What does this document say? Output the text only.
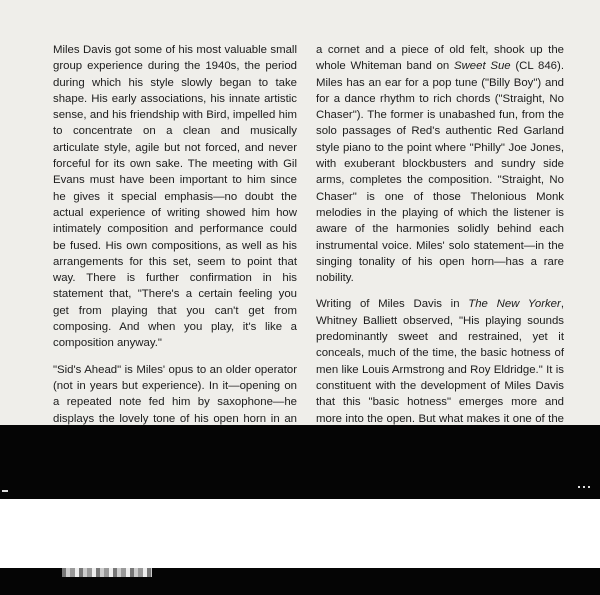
Miles Davis got some of his most valuable small group experience during the 1940s, the period during which his style slowly began to take shape. His early associations, his innate artistic sense, and his friendship with Bird, impelled him to concentrate on a clean and musically articulate style, agile but not forced, and never forceful for its own sake. The meeting with Gil Evans must have been important to him since he gives it special emphasis—no doubt the actual experience of writing showed him how intimately composition and performance could be fused. His own compositions, as well as his arrangements for this set, seem to point that way. There is further confirmation in his statement that, "There's a certain feeling you get from playing that you can't get from composing. And when you play, it's like a composition anyway."

"Sid's Ahead" is Miles' opus to an older operator (not in years but experience). In it—opening on a repeated note fed him by saxophone—he displays the lovely tone of his open horn in an

a cornet and a piece of old felt, shook up the whole Whiteman band on Sweet Sue (CL 846). Miles has an ear for a pop tune ("Billy Boy") and for a dance rhythm to rich chords ("Straight, No Chaser"). The former is unabashed fun, from the solo passages of Red's authentic Red Garland style piano to the point where "Philly" Joe Jones, with exuberant blockbusters and sundry side arms, completes the composition. "Straight, No Chaser" is one of those Thelonious Monk melodies in the playing of which the listener is aware of the harmonies solidly behind each instrumental voice. Miles' solo statement—in the singing tonality of his open horn—has a rare nobility.

Writing of Miles Davis in The New Yorker, Whitney Balliett observed, "His playing sounds predominantly sweet and restrained, yet it conceals, much of the time, the basic hotness of men like Louis Armstrong and Roy Eldridge." It is constituent with the development of Miles Davis that this "basic hotness" emerges more and more into the open. But what makes it one of the
